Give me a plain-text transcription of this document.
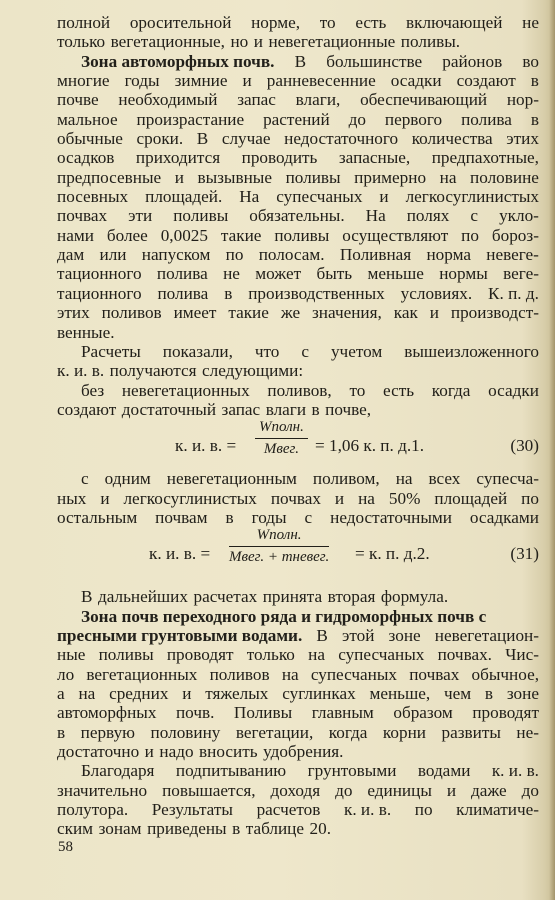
полной оросительной норме, то есть включающей не
только вегетационные, но и невегетационные поливы.
Зона автоморфных почв. В большинстве районов во
многие годы зимние и ранневесенние осадки создают в
почве необходимый запас влаги, обеспечивающий нор-
мальное произрастание растений до первого полива в
обычные сроки. В случае недостаточного количества этих
осадков приходится проводить запасные, предпахотные,
предпосевные и вызывные поливы примерно на половине
посевных площадей. На супесчаных и легкосуглинистых
почвах эти поливы обязательны. На полях с укло-
нами более 0,0025 такие поливы осуществляют по бороз-
дам или напуском по полосам. Поливная норма невеге-
тационного полива не может быть меньше нормы веге-
тационного полива в производственных условиях. К. п. д.
этих поливов имеет такие же значения, как и производст-
венные.
Расчеты показали, что с учетом вышеизложенного
к. и. в. получаются следующими:
без невегетационных поливов, то есть когда осадки
создают достаточный запас влаги в почве,
к. и. в. =
Wполн.
Mвег. = 1,06 к. п. д.1.	(30)
с одним невегетационным поливом, на всех супесча-
ных и легкосуглинистых почвах и на 50% площадей по
остальным почвам в годы с недостаточными осадками
к. и. в. =
Wполн.
Mвег. + mневег. = к. п. д.2.	(31)
В дальнейших расчетах принята вторая формула.
Зона почв переходного ряда и гидроморфных почв с
пресными грунтовыми водами. В этой зоне невегетацион-
ные поливы проводят только на супесчаных почвах. Чис-
ло вегетационных поливов на супесчаных почвах обычное,
а на средних и тяжелых суглинках меньше, чем в зоне
автоморфных почв. Поливы главным образом проводят
в первую половину вегетации, когда корни развиты не-
достаточно и надо вносить удобрения.
Благодаря подпитыванию грунтовыми водами к. и. в.
значительно повышается, доходя до единицы и даже до
полутора. Результаты расчетов к. и. в. по климатиче-
ским зонам приведены в таблице 20.
58
